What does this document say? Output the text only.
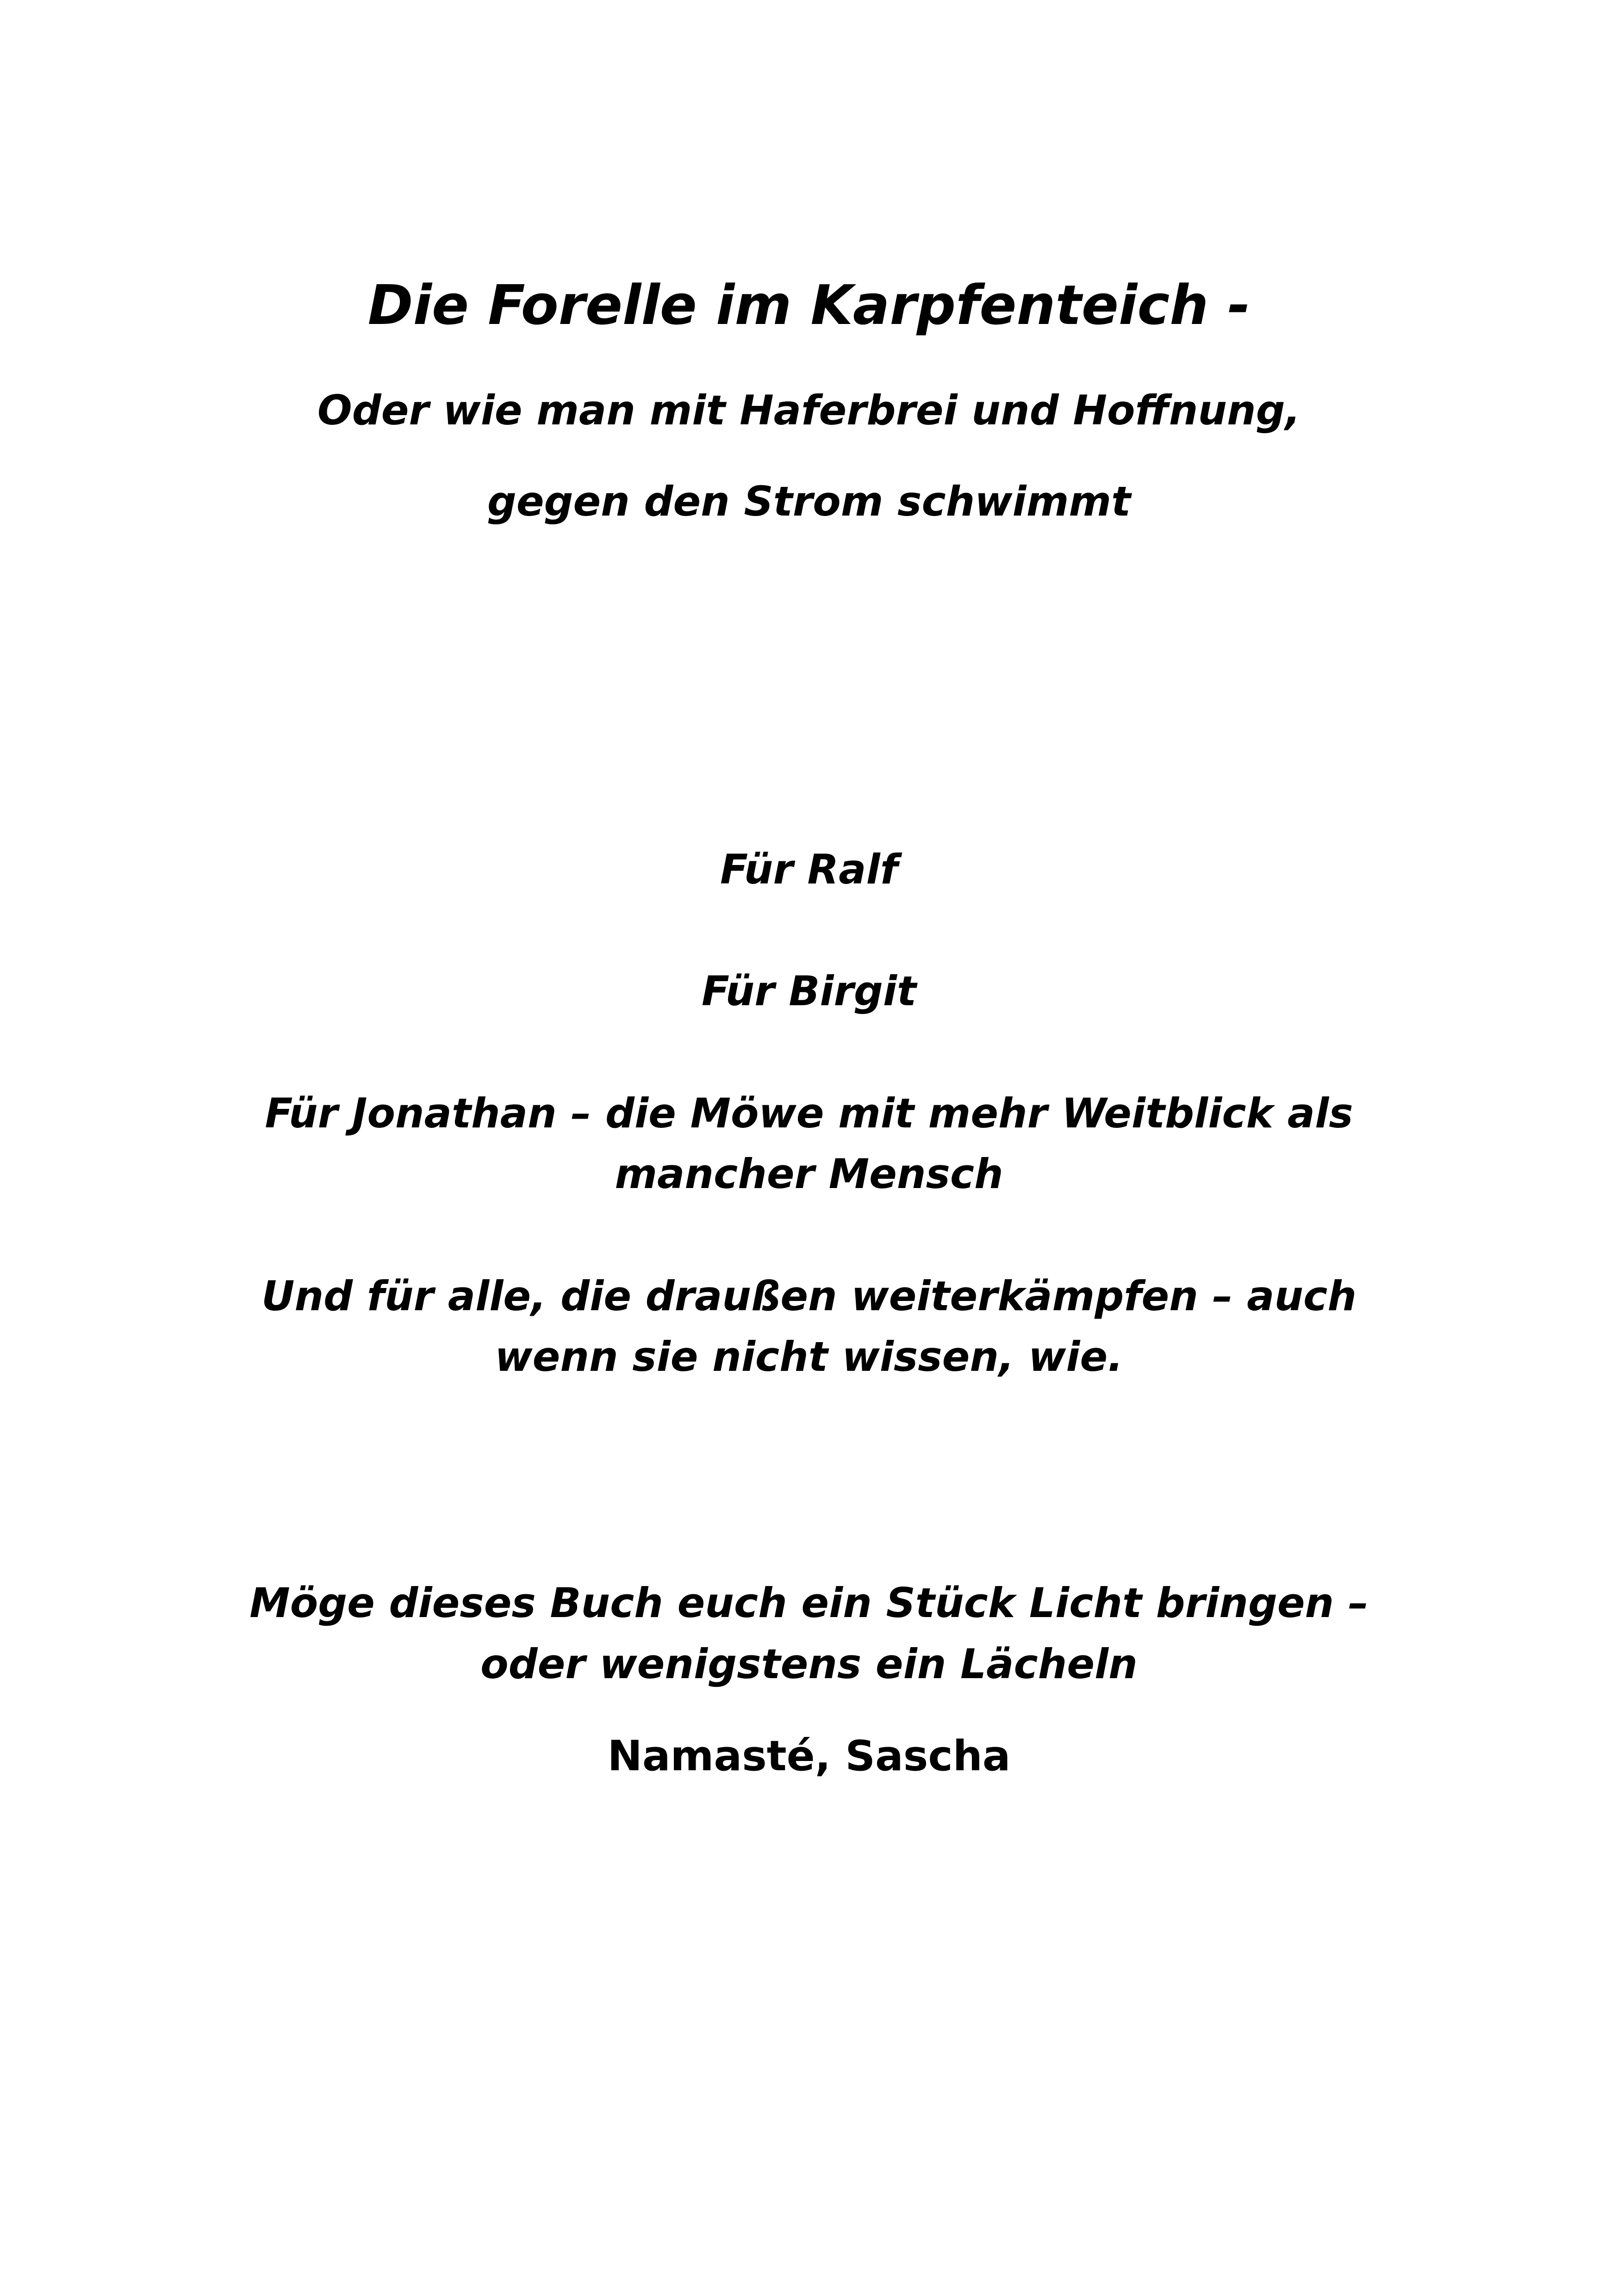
Die Forelle im Karpfenteich -

Oder wie man mit Haferbrei und Hoffnung,

gegen den Strom schwimmt

Für Ralf

Für Birgit

Für Jonathan – die Möwe mit mehr Weitblick als

mancher Mensch

Und für alle, die draußen weiterkämpfen – auch

wenn sie nicht wissen, wie.

Möge dieses Buch euch ein Stück Licht bringen –

oder wenigstens ein Lächeln

Namasté, Sascha
